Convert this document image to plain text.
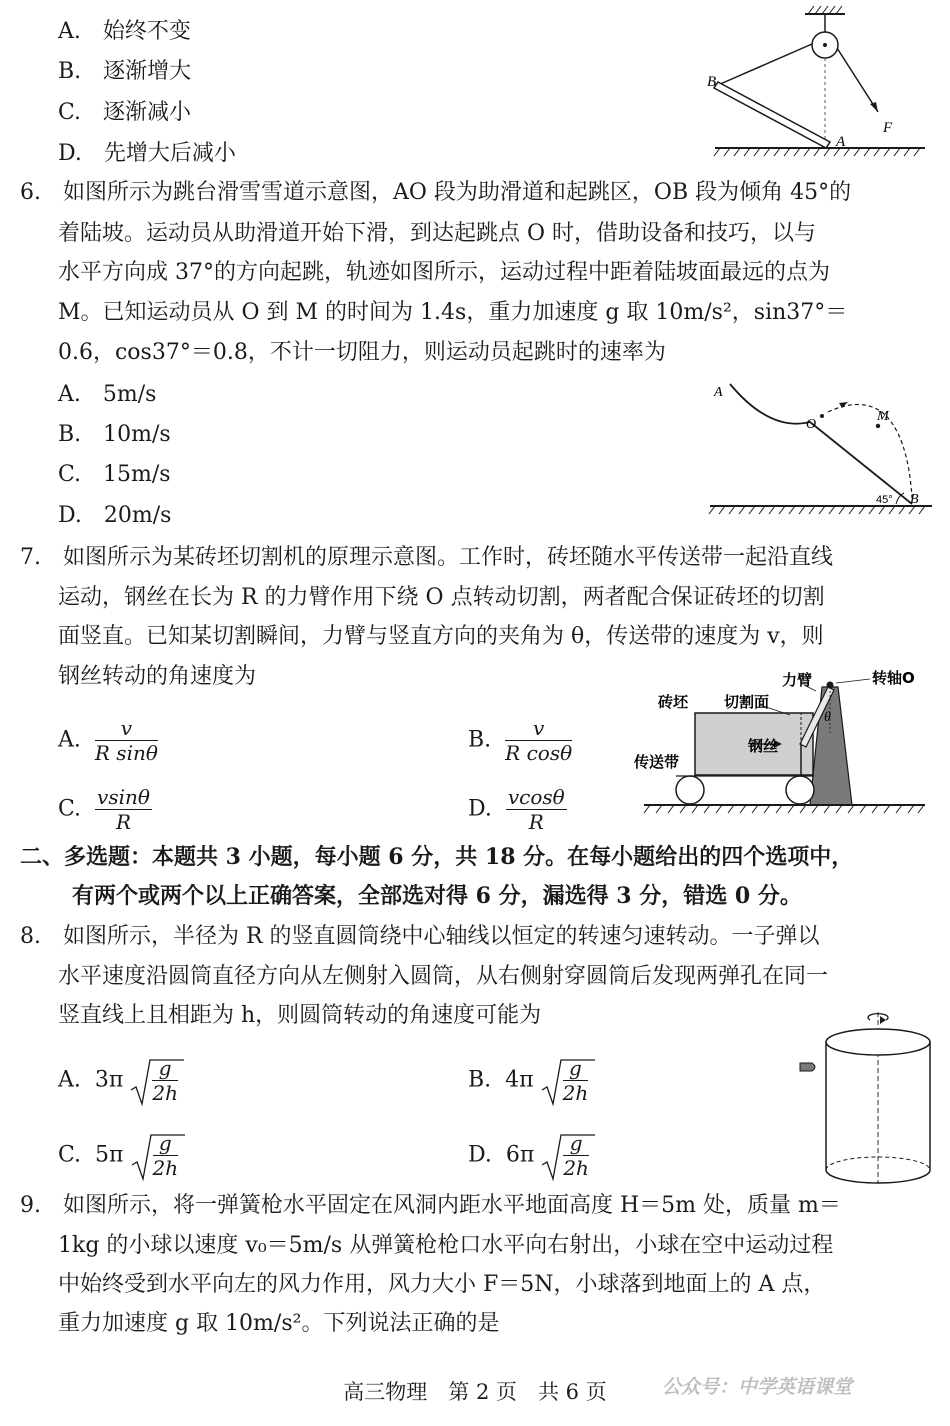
A.　始终不变
B.　逐渐增大
C.　逐渐减小
D.　先增大后减小
B
A
F
6.　如图所示为跳台滑雪雪道示意图，AO 段为助滑道和起跳区，OB 段为倾角 45°的
着陆坡。运动员从助滑道开始下滑，到达起跳点 O 时，借助设备和技巧，以与
水平方向成 37°的方向起跳，轨迹如图所示，运动过程中距着陆坡面最远的点为
M。已知运动员从 O 到 M 的时间为 1.4s，重力加速度 g 取 10m/s²，sin37°＝
0.6，cos37°＝0.8，不计一切阻力，则运动员起跳时的速率为
A.　5m/s
B.　10m/s
C.　15m/s
D.　20m/s
A
O
M
B
45°
7.　如图所示为某砖坯切割机的原理示意图。工作时，砖坯随水平传送带一起沿直线
运动，钢丝在长为 R 的力臂作用下绕 O 点转动切割，两者配合保证砖坯的切割
面竖直。已知某切割瞬间，力臂与竖直方向的夹角为 θ，传送带的速度为 v，则
钢丝转动的角速度为
A. $\frac{v}{\text{R sinθ}}$	B. $\frac{v}{\text{R cosθ}}$
C. $\frac{vsin\theta}{R}$	D. $\frac{vcos\theta}{R}$
力臂	转轴O
砖坯 切割面
钢丝
传送带
θ
二、多选题：本题共 3 小题，每小题 6 分，共 18 分。在每小题给出的四个选项中，
有两个或两个以上正确答案，全部选对得 6 分，漏选得 3 分，错选 0 分。
8.　如图所示，半径为 R 的竖直圆筒绕中心轴线以恒定的转速匀速转动。一子弹以
水平速度沿圆筒直径方向从左侧射入圆筒，从右侧射穿圆筒后发现两弹孔在同一
竖直线上且相距为 h，则圆筒转动的角速度可能为
A. $3\pi \frac{g}{2h}$	B. $4\pi \frac{g}{2h}$
C. $5\pi \frac{g}{2h}$	D. $6\pi \frac{g}{2h}$
9.　如图所示，将一弹簧枪水平固定在风洞内距水平地面高度 H＝5m 处，质量 m＝
1kg 的小球以速度 v₀＝5m/s 从弹簧枪枪口水平向右射出，小球在空中运动过程
中始终受到水平向左的风力作用，风力大小 F＝5N，小球落到地面上的 A 点，
重力加速度 g 取 10m/s²。下列说法正确的是
高三物理　第 2 页　共 6 页	公众号：中学英语课堂
